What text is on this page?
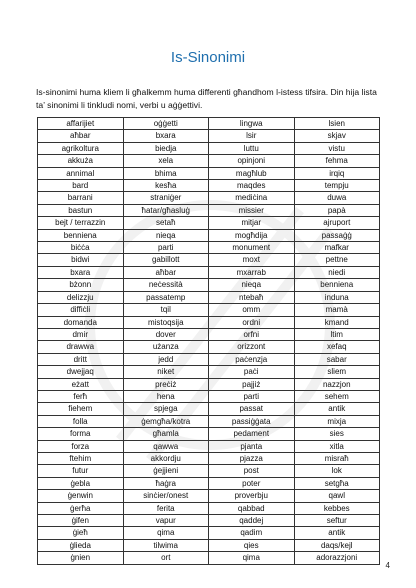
Is-Sinonimi
Is-sinonimi huma kliem li għalkemm huma differenti għandhom l-istess tifsira. Din hija lista ta’ sinonimi li tinkludi nomi, verbi u aġġettivi.
affarijiet	oġġetti	lingwa	lsien
aħbar	bxara	lsir	skjav
agrikoltura	biedja	luttu	vistu
akkuża	xela	opinjoni	fehma
annimal	bhima	magħlub	irqiq
bard	kesħa	maqdes	tempju
barrani	straniġer	mediċina	duwa
bastun	ħatar/għasluġ	missier	papà
bejt / terrazzin	setaħ	mitjar	ajruport
benniena	nieqa	mogħdija	passaġġ
biċċa	parti	monument	mafkar
bidwi	gabillott	moxt	pettne
bxara	aħbar	mxarrab	niedi
bżonn	neċessità	nieqa	benniena
delizzju	passatemp	ntebaħ	induna
diffiċli	tqil	omm	mamà
domanda	mistoqsija	ordni	kmand
dmir	dover	orfni	ltim
drawwa	użanza	orizzont	xefaq
dritt	jedd	paċenzja	sabar
dwejjaq	niket	paċi	sliem
eżatt	preċiż	pajjiż	nazzjon
ferħ	hena	parti	sehem
fiehem	spjega	passat	antik
folla	ġemgħa/kotra	passiġġata	mixja
forma	għamla	pedament	sies
forza	qawwa	pjanta	xitla
ftehim	akkordju	pjazza	misraħ
futur	ġejjieni	post	lok
ġebla	ħaġra	poter	setgħa
ġenwin	sinċier/onest	proverbju	qawl
ġerħa	ferita	qabbad	kebbes
ġifen	vapur	qaddej	seftur
ġieħ	qima	qadim	antik
ġlieda	tilwima	qies	daqs/kejl
ġnien	ort	qima	adorazzjoni
4
